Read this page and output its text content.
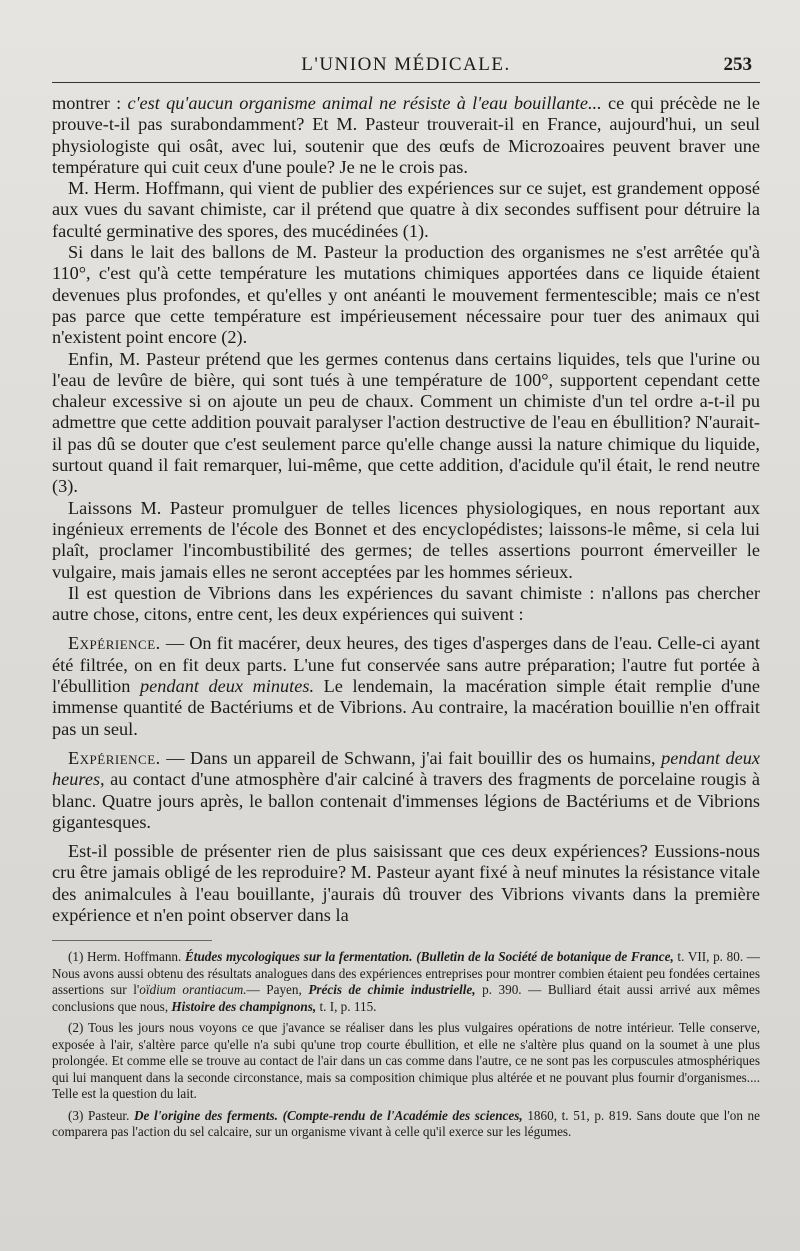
L'UNION MÉDICALE.	253

montrer : c'est qu'aucun organisme animal ne résiste à l'eau bouillante... ce qui précède ne le prouve-t-il pas surabondamment? Et M. Pasteur trouverait-il en France, aujourd'hui, un seul physiologiste qui osât, avec lui, soutenir que des œufs de Microzoaires peuvent braver une température qui cuit ceux d'une poule? Je ne le crois pas.

M. Herm. Hoffmann, qui vient de publier des expériences sur ce sujet, est grandement opposé aux vues du savant chimiste, car il prétend que quatre à dix secondes suffisent pour détruire la faculté germinative des spores, des mucédinées (1).

Si dans le lait des ballons de M. Pasteur la production des organismes ne s'est arrêtée qu'à 110°, c'est qu'à cette température les mutations chimiques apportées dans ce liquide étaient devenues plus profondes, et qu'elles y ont anéanti le mouvement fermentescible; mais ce n'est pas parce que cette température est impérieusement nécessaire pour tuer des animaux qui n'existent point encore (2).

Enfin, M. Pasteur prétend que les germes contenus dans certains liquides, tels que l'urine ou l'eau de levûre de bière, qui sont tués à une température de 100°, supportent cependant cette chaleur excessive si on ajoute un peu de chaux. Comment un chimiste d'un tel ordre a-t-il pu admettre que cette addition pouvait paralyser l'action destructive de l'eau en ébullition? N'aurait-il pas dû se douter que c'est seulement parce qu'elle change aussi la nature chimique du liquide, surtout quand il fait remarquer, lui-même, que cette addition, d'acidule qu'il était, le rend neutre (3).

Laissons M. Pasteur promulguer de telles licences physiologiques, en nous reportant aux ingénieux errements de l'école des Bonnet et des encyclopédistes; laissons-le même, si cela lui plaît, proclamer l'incombustibilité des germes; de telles assertions pourront émerveiller le vulgaire, mais jamais elles ne seront acceptées par les hommes sérieux.

Il est question de Vibrions dans les expériences du savant chimiste : n'allons pas chercher autre chose, citons, entre cent, les deux expériences qui suivent :

Expérience. — On fit macérer, deux heures, des tiges d'asperges dans de l'eau. Celle-ci ayant été filtrée, on en fit deux parts. L'une fut conservée sans autre préparation; l'autre fut portée à l'ébullition pendant deux minutes. Le lendemain, la macération simple était remplie d'une immense quantité de Bactériums et de Vibrions. Au contraire, la macération bouillie n'en offrait pas un seul.

Expérience. — Dans un appareil de Schwann, j'ai fait bouillir des os humains, pendant deux heures, au contact d'une atmosphère d'air calciné à travers des fragments de porcelaine rougis à blanc. Quatre jours après, le ballon contenait d'immenses légions de Bactériums et de Vibrions gigantesques.

Est-il possible de présenter rien de plus saisissant que ces deux expériences? Eussions-nous cru être jamais obligé de les reproduire? M. Pasteur ayant fixé à neuf minutes la résistance vitale des animalcules à l'eau bouillante, j'aurais dû trouver des Vibrions vivants dans la première expérience et n'en point observer dans la

(1) Herm. Hoffmann. Études mycologiques sur la fermentation. (Bulletin de la Société de botanique de France, t. VII, p. 80. — Nous avons aussi obtenu des résultats analogues dans des expériences entreprises pour montrer combien étaient peu fondées certaines assertions sur l'oïdium orantiacum.— Payen, Précis de chimie industrielle, p. 390. — Bulliard était aussi arrivé aux mêmes conclusions que nous, Histoire des champignons, t. I, p. 115.

(2) Tous les jours nous voyons ce que j'avance se réaliser dans les plus vulgaires opérations de notre intérieur. Telle conserve, exposée à l'air, s'altère parce qu'elle n'a subi qu'une trop courte ébullition, et elle ne s'altère plus quand on la soumet à une plus prolongée. Et comme elle se trouve au contact de l'air dans un cas comme dans l'autre, ce ne sont pas les corpuscules atmosphériques qui lui manquent dans la seconde circonstance, mais sa composition chimique plus altérée et ne pouvant plus fournir d'organismes.... Telle est la question du lait.

(3) Pasteur. De l'origine des ferments. (Compte-rendu de l'Académie des sciences, 1860, t. 51, p. 819. Sans doute que l'on ne comparera pas l'action du sel calcaire, sur un organisme vivant à celle qu'il exerce sur les légumes.
